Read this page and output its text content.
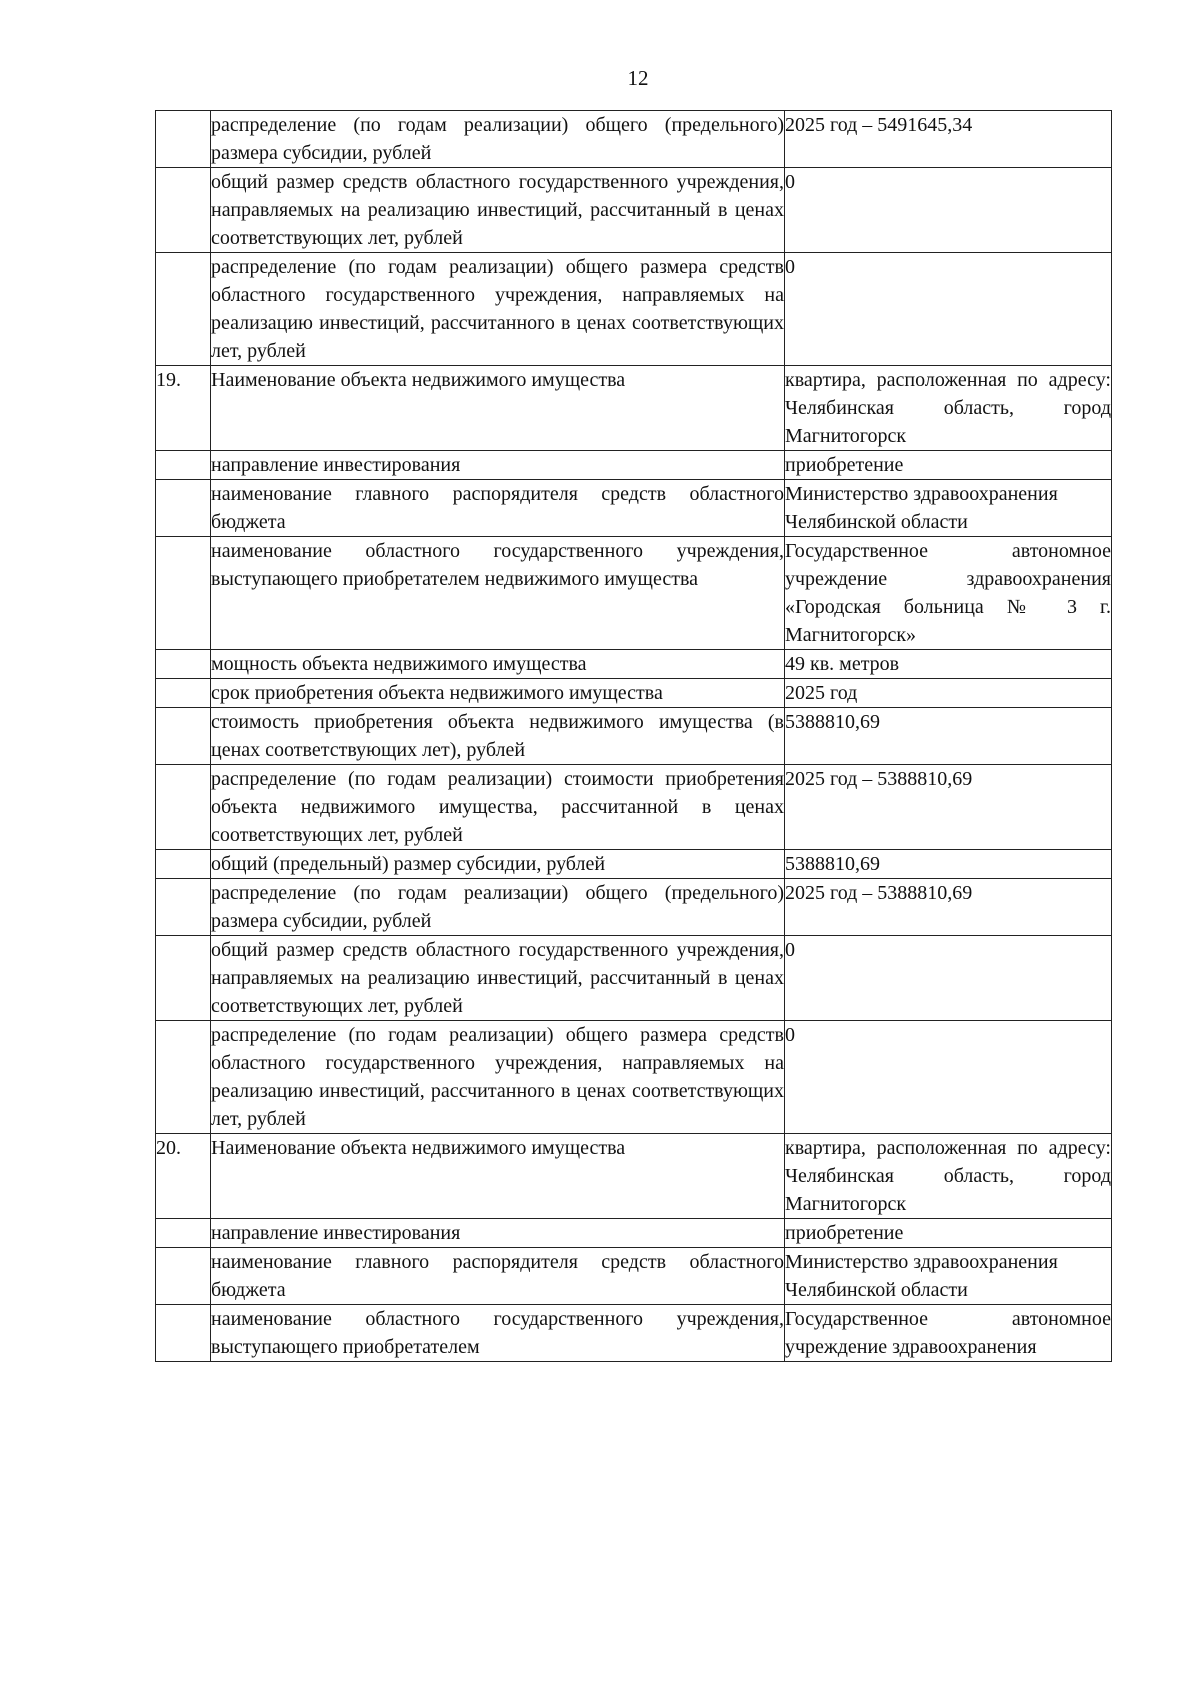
12
	распределение (по годам реализации) общего (предельного) размера субсидии, рублей	2025 год – 5491645,34
	общий размер средств областного государственного учреждения, направляемых на реализацию инвестиций, рассчитанный в ценах соответствующих лет, рублей	0
	распределение (по годам реализации) общего размера средств областного государственного учреждения, направляемых на реализацию инвестиций, рассчитанного в ценах соответствующих лет, рублей	0
19.	Наименование объекта недвижимого имущества	квартира, расположенная по адресу: Челябинская область, город Магнитогорск
	направление инвестирования	приобретение
	наименование главного распорядителя средств областного бюджета	Министерство здравоохранения Челябинской области
	наименование областного государственного учреждения, выступающего приобретателем недвижимого имущества	Государственное автономное учреждение здравоохранения «Городская больница № 3 г. Магнитогорск»
	мощность объекта недвижимого имущества	49 кв. метров
	срок приобретения объекта недвижимого имущества	2025 год
	стоимость приобретения объекта недвижимого имущества (в ценах соответствующих лет), рублей	5388810,69
	распределение (по годам реализации) стоимости приобретения объекта недвижимого имущества, рассчитанной в ценах соответствующих лет, рублей	2025 год – 5388810,69
	общий (предельный) размер субсидии, рублей	5388810,69
	распределение (по годам реализации) общего (предельного) размера субсидии, рублей	2025 год – 5388810,69
	общий размер средств областного государственного учреждения, направляемых на реализацию инвестиций, рассчитанный в ценах соответствующих лет, рублей	0
	распределение (по годам реализации) общего размера средств областного государственного учреждения, направляемых на реализацию инвестиций, рассчитанного в ценах соответствующих лет, рублей	0
20.	Наименование объекта недвижимого имущества	квартира, расположенная по адресу: Челябинская область, город Магнитогорск
	направление инвестирования	приобретение
	наименование главного распорядителя средств областного бюджета	Министерство здравоохранения Челябинской области
	наименование областного государственного учреждения, выступающего приобретателем	Государственное автономное учреждение здравоохранения
